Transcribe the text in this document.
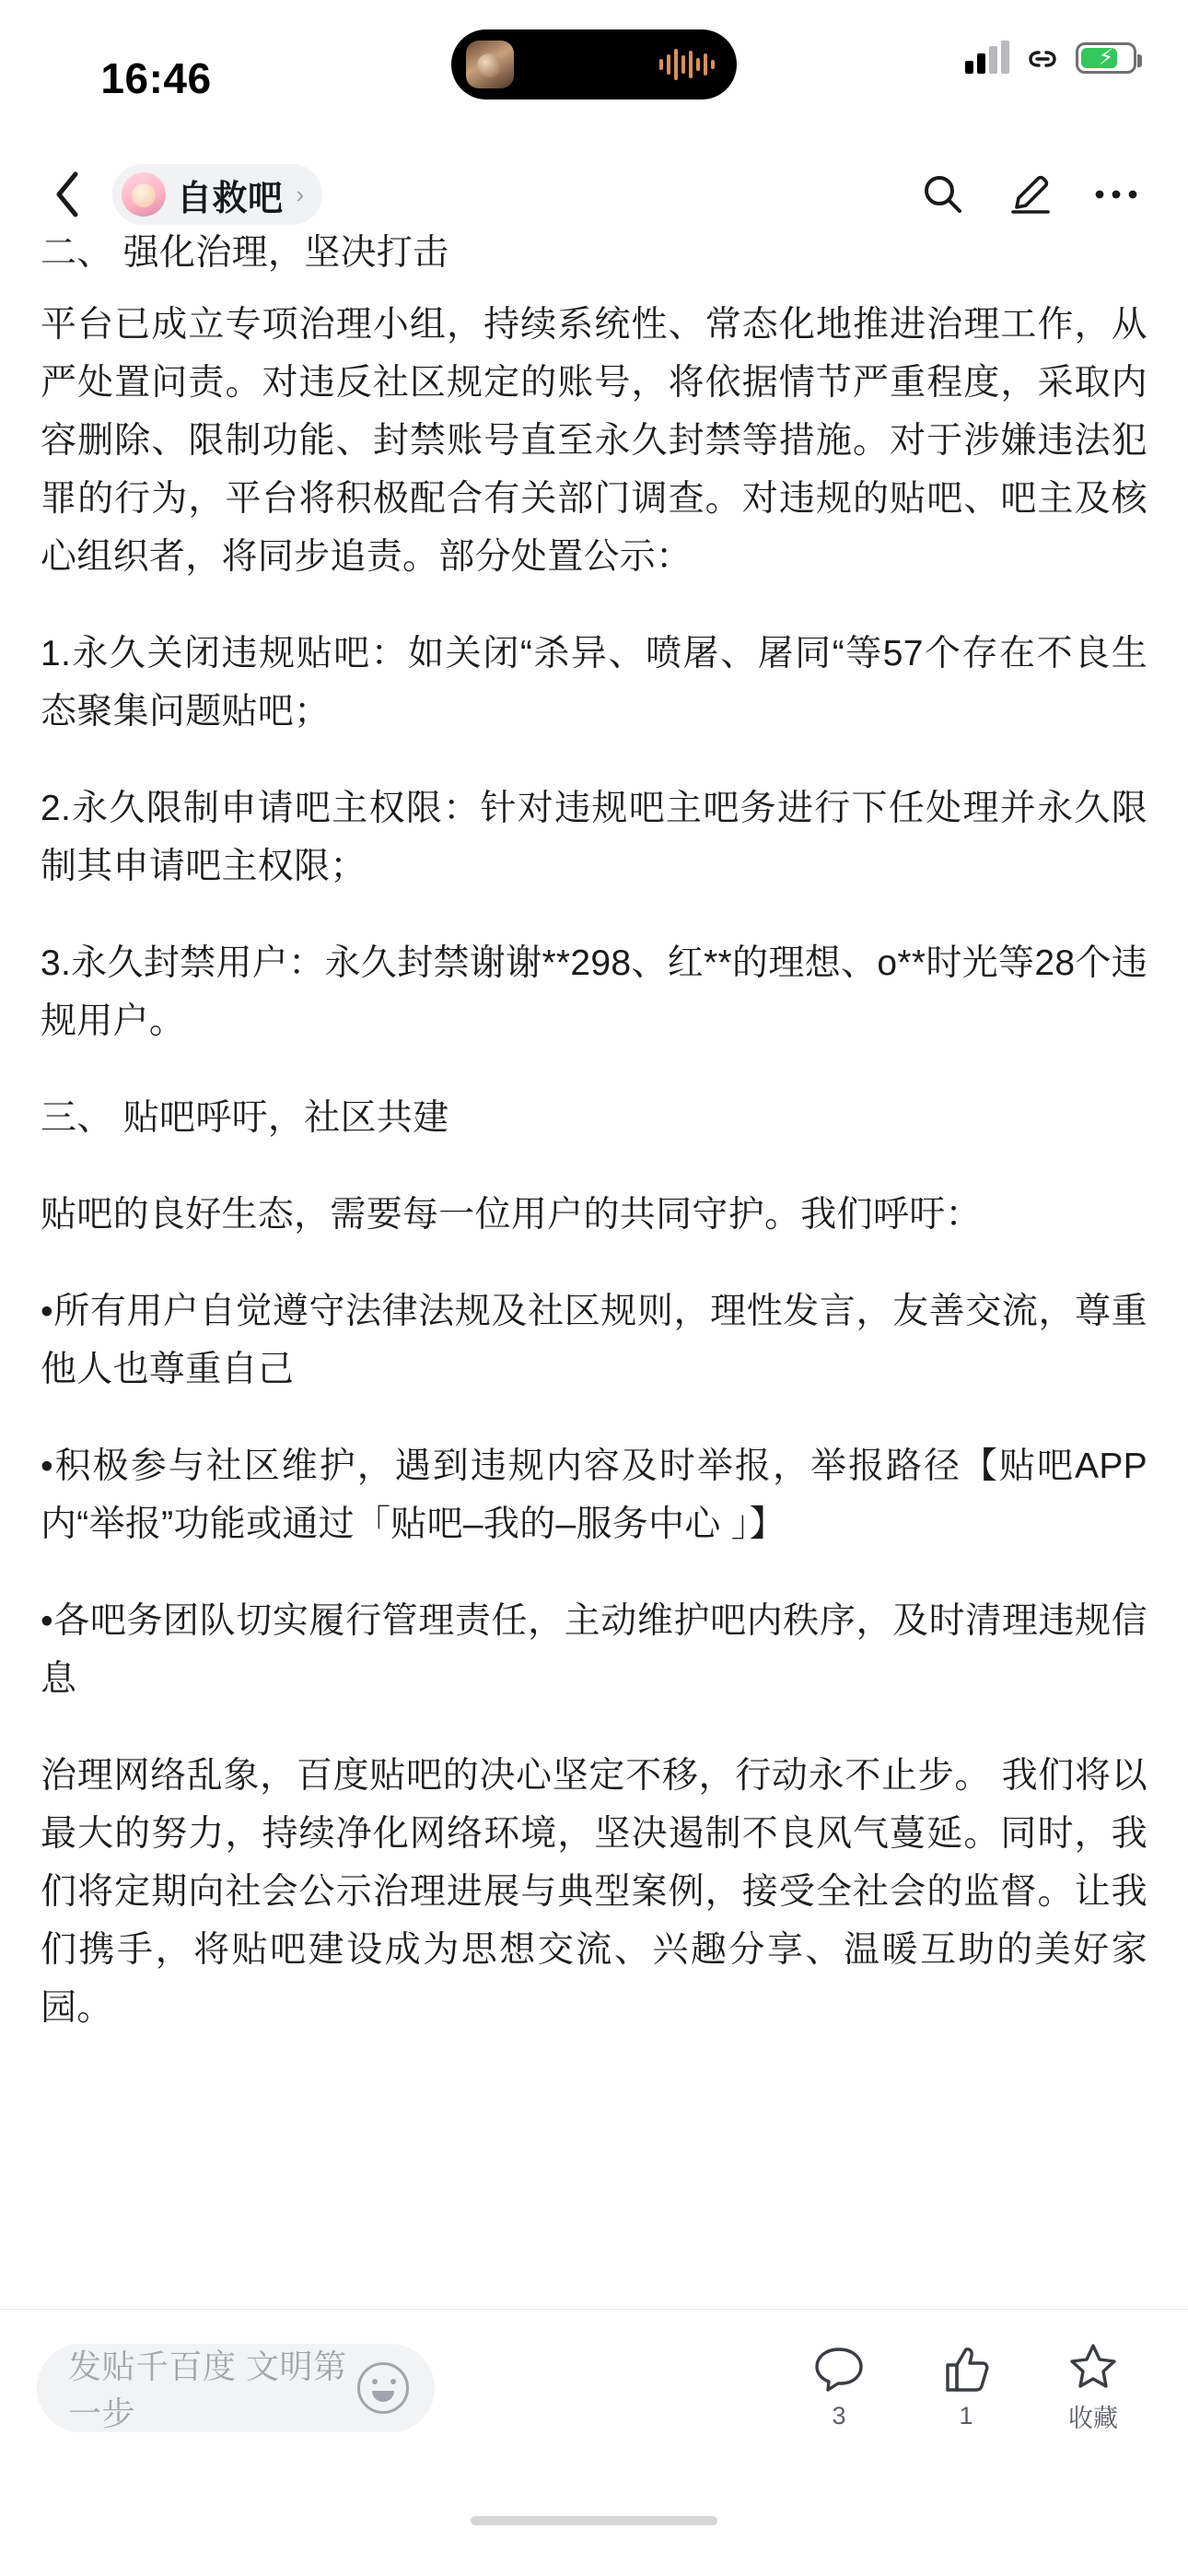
16:46	⚡
自救吧 ›

二、 强化治理，坚决打击

平台已成立专项治理小组，持续系统性、常态化地推进治理工作，从严处置问责。对违反社区规定的账号，将依据情节严重程度，采取内容删除、限制功能、封禁账号直至永久封禁等措施。对于涉嫌违法犯罪的行为，平台将积极配合有关部门调查。对违规的贴吧、吧主及核心组织者，将同步追责。部分处置公示：

1.永久关闭违规贴吧：如关闭“杀异、喷屠、屠同“等57个存在不良生态聚集问题贴吧；

2.永久限制申请吧主权限：针对违规吧主吧务进行下任处理并永久限制其申请吧主权限；

3.永久封禁用户：永久封禁谢谢**298、红**的理想、o**时光等28个违规用户。

三、 贴吧呼吁，社区共建

贴吧的良好生态，需要每一位用户的共同守护。我们呼吁：

•所有用户自觉遵守法律法规及社区规则，理性发言，友善交流，尊重他人也尊重自己

•积极参与社区维护，遇到违规内容及时举报，举报路径【贴吧APP内“举报”功能或通过「贴吧–我的–服务中心 」】

•各吧务团队切实履行管理责任，主动维护吧内秩序，及时清理违规信息

治理网络乱象，百度贴吧的决心坚定不移，行动永不止步。 我们将以最大的努力，持续净化网络环境，坚决遏制不良风气蔓延。同时，我们将定期向社会公示治理进展与典型案例，接受全社会的监督。让我们携手，将贴吧建设成为思想交流、兴趣分享、温暖互助的美好家园。

发贴千百度 文明第一步	3	1	收藏
